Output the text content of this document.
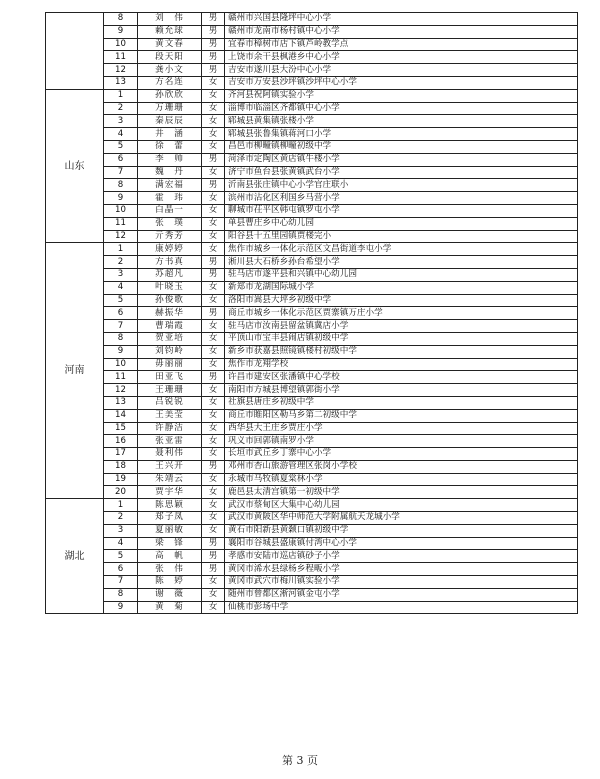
	8	刘　伟	男	赣州市兴国县隆坪中心小学
	9	赖允球	男	赣州市龙南市杨村镇中心小学
	10	黄文春	男	宜春市樟树市店下镇芦岭教学点
	11	段天阳	男	上饶市余干县枫港乡中心小学
	12	龚小文	男	吉安市遂川县大汾中心小学
	13	方名连	女	吉安市万安县沙坪镇沙坪中心小学
山东	1	孙欣欣	女	齐河县祝阿镇实验小学
	2	万珊珊	女	淄博市临淄区齐都镇中心小学
	3	秦辰辰	女	郓城县黄集镇张楼小学
	4	井　涵	女	郓城县张鲁集镇蒋河口小学
	5	徐　蕾	女	昌邑市柳疃镇柳疃初级中学
	6	李　帅	男	菏泽市定陶区黄店镇牛楼小学
	7	魏　丹	女	济宁市鱼台县张黄镇武台小学
	8	满宏福	男	沂南县张庄镇中心小学官庄联小
	9	霍　玮	女	滨州市沾化区利国乡马营小学
	10	白晶一	女	聊城市茌平区韩屯镇罗屯小学
	11	张　璞	女	单县曹庄乡中心幼儿园
	12	亓秀芳	女	阳谷县十五里园镇贾楼完小
河南	1	康婷婷	女	焦作市城乡一体化示范区文昌街道李屯小学
	2	方书真	男	淅川县大石桥乡孙台希望小学
	3	苏超凡	男	驻马店市遂平县和兴镇中心幼儿园
	4	叶晓玉	女	新郑市龙湖国际城小学
	5	孙俊歌	女	洛阳市嵩县大坪乡初级中学
	6	赫振华	男	商丘市城乡一体化示范区贾寨镇万庄小学
	7	曹瑞霞	女	驻马店市汝南县留盆镇冀店小学
	8	贺亚培	女	平顶山市宝丰县闹店镇初级中学
	9	刘钧岭	女	新乡市获嘉县照镜镇楼村初级中学
	10	毋丽丽	女	焦作市龙翔学校
	11	田亚飞	男	许昌市建安区张潘镇中心学校
	12	王珊珊	女	南阳市方城县博望镇郭街小学
	13	吕锐锐	女	社旗县唐庄乡初级中学
	14	王美莹	女	商丘市睢阳区勒马乡第二初级中学
	15	许静洁	女	西华县大王庄乡贾庄小学
	16	张亚雷	女	巩义市回郭镇南罗小学
	17	聂利伟	女	长垣市武丘乡丁寨中心小学
	18	王兴开	男	邓州市杏山旅游管理区张岗小学校
	19	朱靖云	女	永城市马牧镇夏棠林小学
	20	贾宇华	女	鹿邑县太清宫镇第一初级中学
湖北	1	陈思颖	女	武汉市蔡甸区大集中心幼儿园
	2	郑子凤	女	武汉市黄陂区华中师范大学附属航天龙城小学
	3	夏丽敏	女	黄石市阳新县黄颡口镇初级中学
	4	梁　锋	男	襄阳市谷城县盛康镇付湾中心小学
	5	高　帆	男	孝感市安陆市巡店镇砂子小学
	6	张　伟	男	黄冈市浠水县绿杨乡程畈小学
	7	陈　婷	女	黄冈市武穴市梅川镇实验小学
	8	谢　薇	女	随州市曾都区淅河镇金屯小学
	9	黄　菊	女	仙桃市彭场中学
第 3 页
